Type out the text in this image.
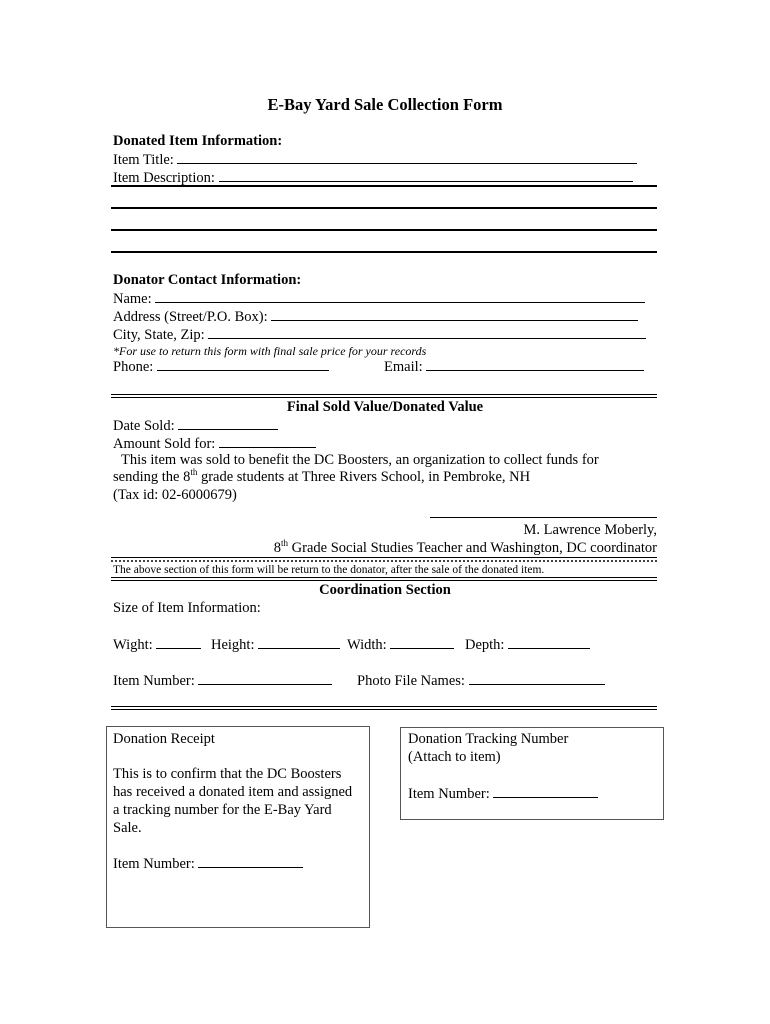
E-Bay Yard Sale Collection Form
Donated Item Information:
Item Title:
Item Description:
Donator Contact Information:
Name:
Address (Street/P.O. Box):
City, State, Zip:
*For use to return this form with final sale price for your records
Phone:	Email:
Final Sold Value/Donated Value
Date Sold:
Amount Sold for:
This item was sold to benefit the DC Boosters, an organization to collect funds for
sending the 8th grade students at Three Rivers School, in Pembroke, NH
(Tax id: 02-6000679)
M. Lawrence Moberly,
8th Grade Social Studies Teacher and Washington, DC coordinator
The above section of this form will be return to the donator, after the sale of the donated item.
Coordination Section
Size of Item Information:
Wight:	Height:	Width:	Depth:
Item Number:	Photo File Names:
Donation Receipt
This is to confirm that the DC Boosters
has received a donated item and assigned
a tracking number for the E-Bay Yard
Sale.
Item Number:
Donation Tracking Number
(Attach to item)
Item Number:
